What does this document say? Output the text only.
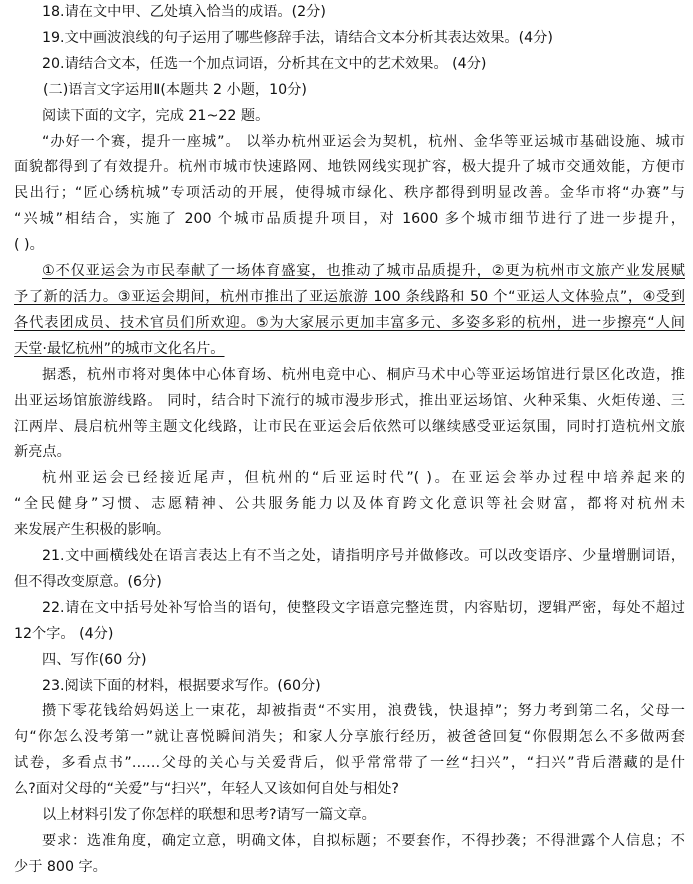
18.请在文中甲、乙处填入恰当的成语。(2分)
19.文中画波浪线的句子运用了哪些修辞手法，请结合文本分析其表达效果。(4分)
20.请结合文本，任选一个加点词语，分析其在文中的艺术效果。 (4分)
(二)语言文字运用Ⅱ(本题共 2 小题，10分)
阅读下面的文字，完成 21~22 题。
“办好一个赛，提升一座城”。 以举办杭州亚运会为契机，杭州、金华等亚运城市基础设施、城市
面貌都得到了有效提升。杭州市城市快速路网、地铁网线实现扩容，极大提升了城市交通效能，方便市
民出行；“匠心绣杭城”专项活动的开展，使得城市绿化、秩序都得到明显改善。金华市将“办赛”与
“兴城”相结合，实施了 200 个城市品质提升项目，对 1600 多个城市细节进行了进一步提升，
( )。
①不仅亚运会为市民奉献了一场体育盛宴，也推动了城市品质提升，②更为杭州市文旅产业发展赋
予了新的活力。③亚运会期间，杭州市推出了亚运旅游 100 条线路和 50 个“亚运人文体验点”，④受到
各代表团成员、技术官员们所欢迎。⑤为大家展示更加丰富多元、多姿多彩的杭州，进一步擦亮“人间
天堂·最忆杭州”的城市文化名片。
据悉，杭州市将对奥体中心体育场、杭州电竞中心、桐庐马术中心等亚运场馆进行景区化改造，推
出亚运场馆旅游线路。 同时，结合时下流行的城市漫步形式，推出亚运场馆、火种采集、火炬传递、三
江两岸、晨启杭州等主题文化线路，让市民在亚运会后依然可以继续感受亚运氛围，同时打造杭州文旅
新亮点。
杭州亚运会已经接近尾声，但杭州的“后亚运时代”( )。在亚运会举办过程中培养起来的
“全民健身”习惯、志愿精神、公共服务能力以及体育跨文化意识等社会财富，都将对杭州未
来发展产生积极的影响。
21.文中画横线处在语言表达上有不当之处，请指明序号并做修改。可以改变语序、少量增删词语，
但不得改变原意。(6分)
22.请在文中括号处补写恰当的语句，使整段文字语意完整连贯，内容贴切，逻辑严密，每处不超过
12个字。 (4分)
四、写作(60 分)
23.阅读下面的材料，根据要求写作。(60分)
攒下零花钱给妈妈送上一束花，却被指责“不实用，浪费钱，快退掉”；努力考到第二名，父母一
句“你怎么没考第一”就让喜悦瞬间消失；和家人分享旅行经历，被爸爸回复“你假期怎么不多做两套
试卷，多看点书”……父母的关心与关爱背后，似乎常常带了一丝“扫兴”，“扫兴”背后潜藏的是什
么?面对父母的“关爱”与“扫兴”，年轻人又该如何自处与相处?
以上材料引发了你怎样的联想和思考?请写一篇文章。
要求：选准角度，确定立意，明确文体，自拟标题；不要套作，不得抄袭；不得泄露个人信息；不
少于 800 字。
